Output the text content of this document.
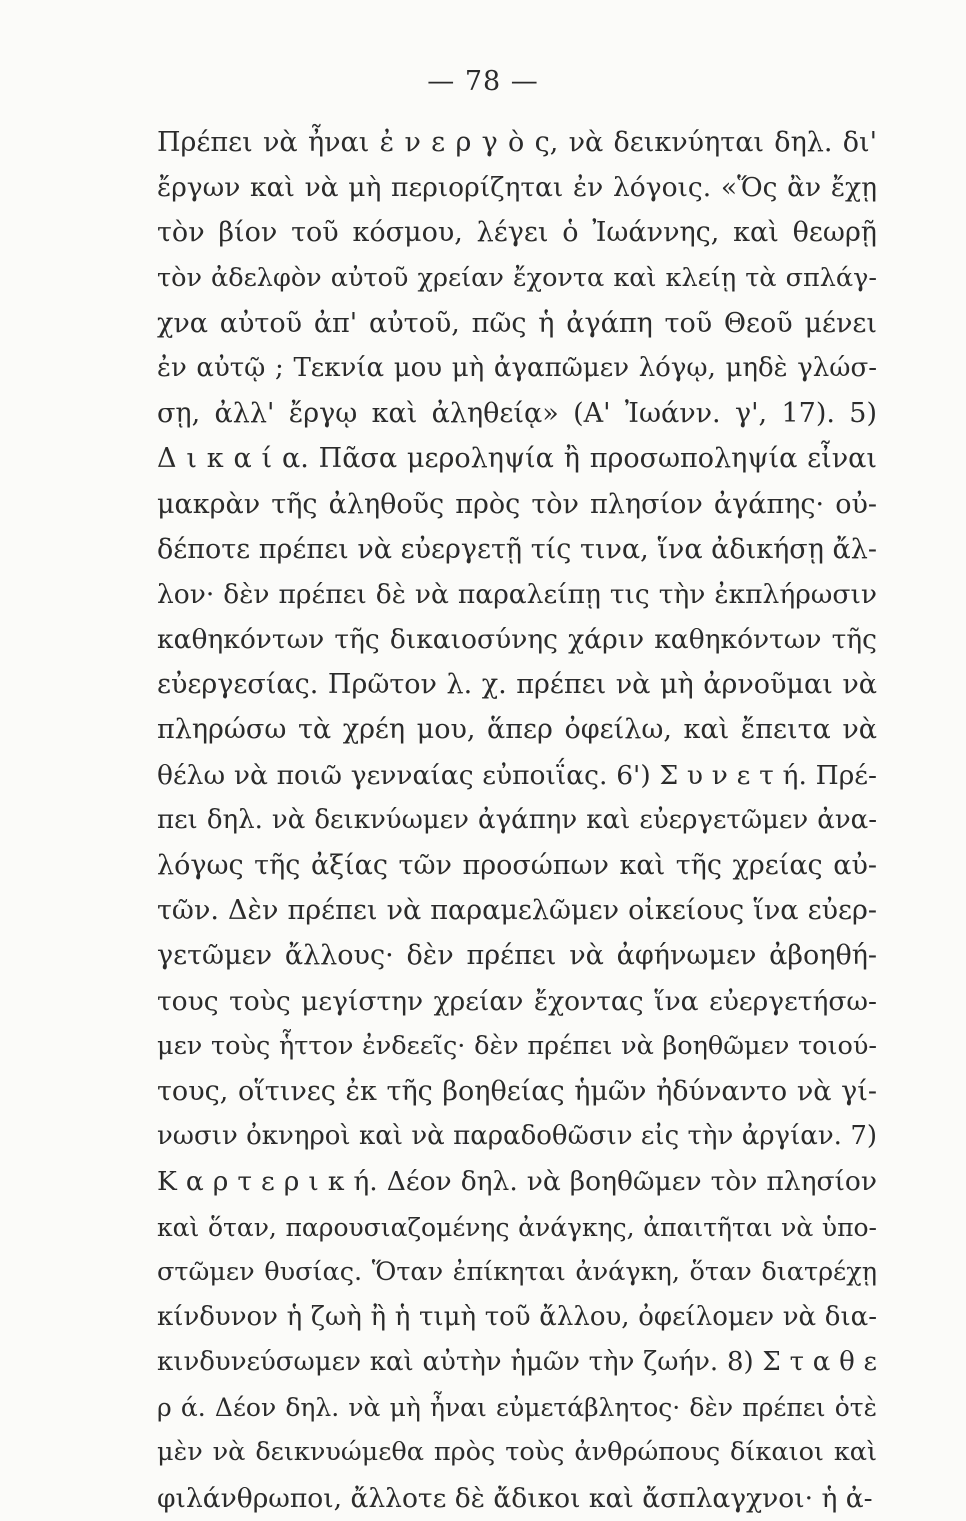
— 78 —
Πρέπει νὰ ἦναι ἐ ν ε ρ γ ὸ ς, νὰ δεικνύηται δηλ. δι'
ἔργων καὶ νὰ μὴ περιορίζηται ἐν λόγοις. «Ὅς ἂν ἔχῃ
τὸν βίον τοῦ κόσμου, λέγει ὁ Ἰωάννης, καὶ θεωρῇ
τὸν ἀδελφὸν αὐτοῦ χρείαν ἔχοντα καὶ κλείῃ τὰ σπλάγ-
χνα αὐτοῦ ἀπ' αὐτοῦ, πῶς ἡ ἀγάπη τοῦ Θεοῦ μένει
ἐν αὐτῷ ; Τεκνία μου μὴ ἀγαπῶμεν λόγῳ, μηδὲ γλώσ-
σῃ, ἀλλ' ἔργῳ καὶ ἀληθείᾳ» (Α' Ἰωάνν. γ', 17). 5)
Δ ι κ α ί α. Πᾶσα μεροληψία ἢ προσωποληψία εἶναι
μακρὰν τῆς ἀληθοῦς πρὸς τὸν πλησίον ἀγάπης· οὐ-
δέποτε πρέπει νὰ εὐεργετῇ τίς τινα, ἵνα ἀδικήσῃ ἄλ-
λον· δὲν πρέπει δὲ νὰ παραλείπῃ τις τὴν ἐκπλήρωσιν
καθηκόντων τῆς δικαιοσύνης χάριν καθηκόντων τῆς
εὐεργεσίας. Πρῶτον λ. χ. πρέπει νὰ μὴ ἀρνοῦμαι νὰ
πληρώσω τὰ χρέη μου, ἅπερ ὀφείλω, καὶ ἔπειτα νὰ
θέλω νὰ ποιῶ γενναίας εὐποιΐας. 6') Σ υ ν ε τ ή. Πρέ-
πει δηλ. νὰ δεικνύωμεν ἀγάπην καὶ εὐεργετῶμεν ἀνα-
λόγως τῆς ἀξίας τῶν προσώπων καὶ τῆς χρείας αὐ-
τῶν. Δὲν πρέπει νὰ παραμελῶμεν οἰκείους ἵνα εὐερ-
γετῶμεν ἄλλους· δὲν πρέπει νὰ ἀφήνωμεν ἀβοηθή-
τους τοὺς μεγίστην χρείαν ἔχοντας ἵνα εὐεργετήσω-
μεν τοὺς ἧττον ἐνδεεῖς· δὲν πρέπει νὰ βοηθῶμεν τοιού-
τους, οἵτινες ἐκ τῆς βοηθείας ἡμῶν ἠδύναντο νὰ γί-
νωσιν ὀκνηροὶ καὶ νὰ παραδοθῶσιν εἰς τὴν ἀργίαν. 7)
Κ α ρ τ ε ρ ι κ ή. Δέον δηλ. νὰ βοηθῶμεν τὸν πλησίον
καὶ ὅταν, παρουσιαζομένης ἀνάγκης, ἀπαιτῆται νὰ ὑπο-
στῶμεν θυσίας. Ὅταν ἐπίκηται ἀνάγκη, ὅταν διατρέχῃ
κίνδυνον ἡ ζωὴ ἢ ἡ τιμὴ τοῦ ἄλλου, ὀφείλομεν νὰ δια-
κινδυνεύσωμεν καὶ αὐτὴν ἡμῶν τὴν ζωήν. 8) Σ τ α θ ε
ρ ά. Δέον δηλ. νὰ μὴ ἦναι εὐμετάβλητος· δὲν πρέπει ὁτὲ
μὲν νὰ δεικνυώμεθα πρὸς τοὺς ἀνθρώπους δίκαιοι καὶ
φιλάνθρωποι, ἄλλοτε δὲ ἄδικοι καὶ ἄσπλαγχνοι· ἡ ἀ-
